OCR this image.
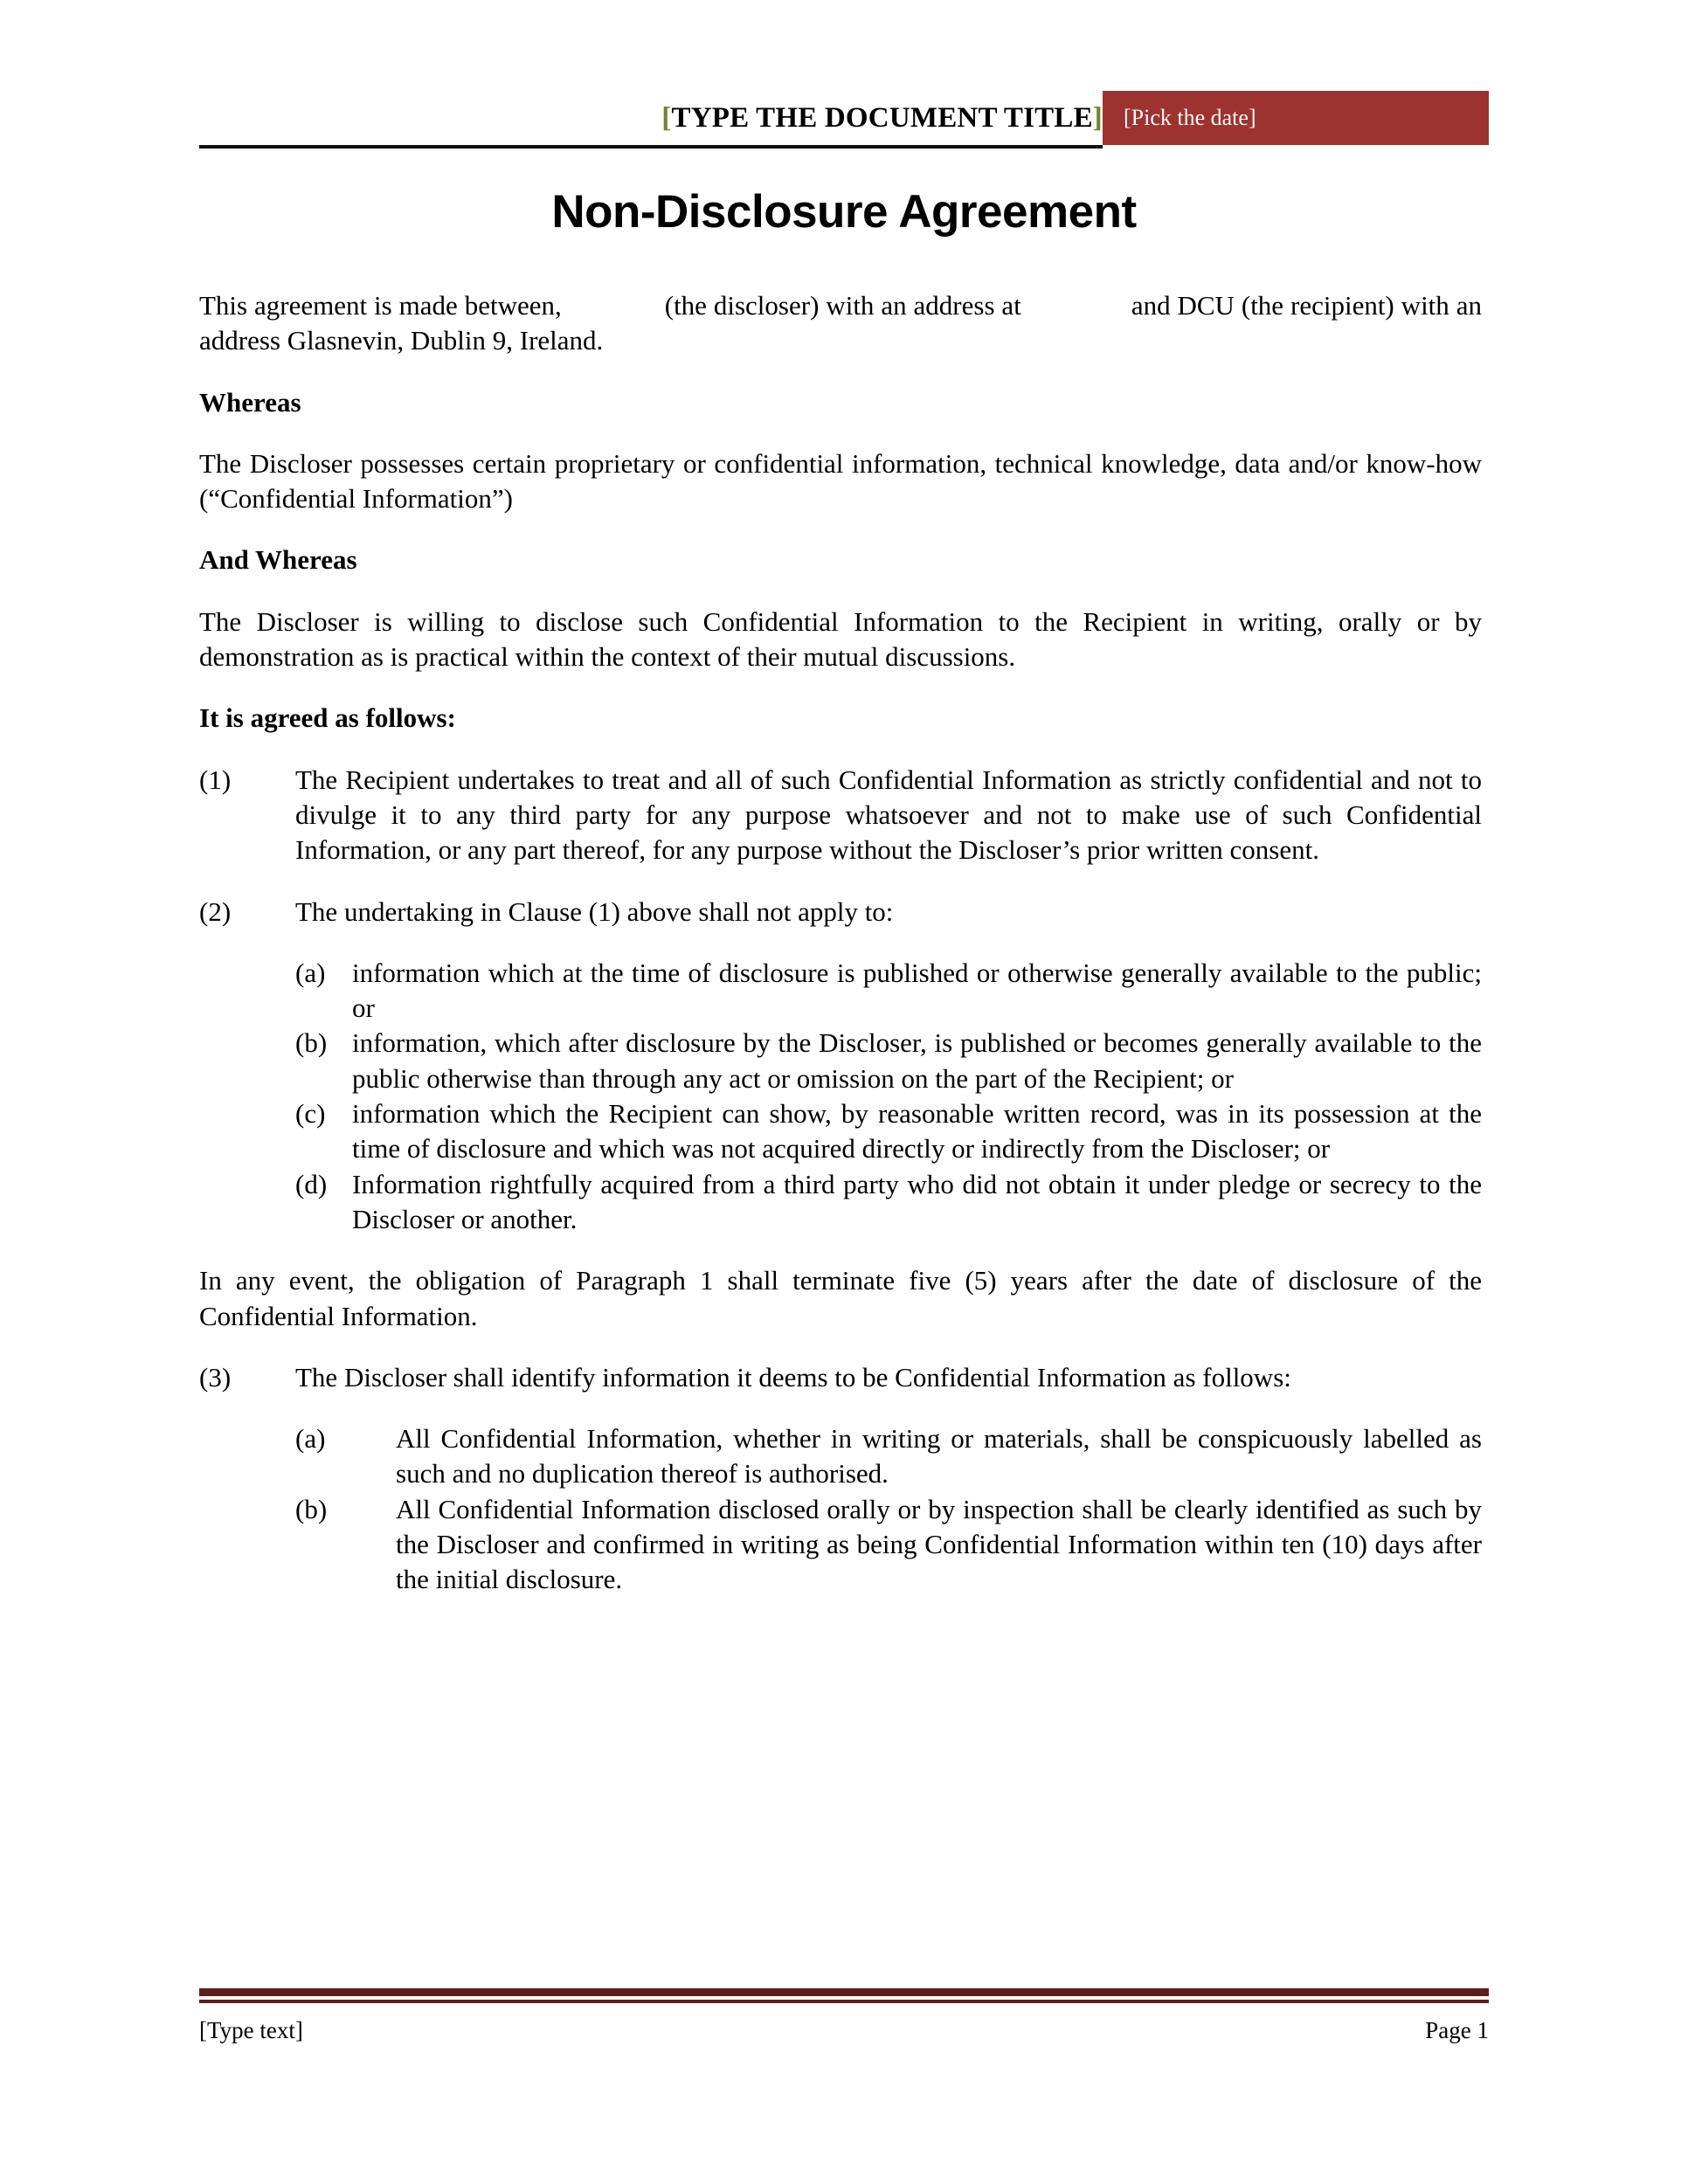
[TYPE THE DOCUMENT TITLE] [Pick the date]
Non-Disclosure Agreement

This agreement is made between,	(the discloser) with an address at	and DCU (the recipient) with an address Glasnevin, Dublin 9, Ireland.

Whereas

The Discloser possesses certain proprietary or confidential information, technical knowledge, data and/or know-how (“Confidential Information”)

And Whereas

The Discloser is willing to disclose such Confidential Information to the Recipient in writing, orally or by demonstration as is practical within the context of their mutual discussions.

It is agreed as follows:
(1)	The Recipient undertakes to treat and all of such Confidential Information as strictly confidential and not to divulge it to any third party for any purpose whatsoever and not to make use of such Confidential Information, or any part thereof, for any purpose without the Discloser’s prior written consent.
(2)	The undertaking in Clause (1) above shall not apply to:
(a) information which at the time of disclosure is published or otherwise generally available to the public; or
(b) information, which after disclosure by the Discloser, is published or becomes generally available to the public otherwise than through any act or omission on the part of the Recipient; or
(c) information which the Recipient can show, by reasonable written record, was in its possession at the time of disclosure and which was not acquired directly or indirectly from the Discloser; or
(d) Information rightfully acquired from a third party who did not obtain it under pledge or secrecy to the Discloser or another.

In any event, the obligation of Paragraph 1 shall terminate five (5) years after the date of disclosure of the Confidential Information.

(3)	The Discloser shall identify information it deems to be Confidential Information as follows:
(a)	All Confidential Information, whether in writing or materials, shall be conspicuously labelled as such and no duplication thereof is authorised.
(b)	All Confidential Information disclosed orally or by inspection shall be clearly identified as such by the Discloser and confirmed in writing as being Confidential Information within ten (10) days after the initial disclosure.
[Type text]	Page 1
